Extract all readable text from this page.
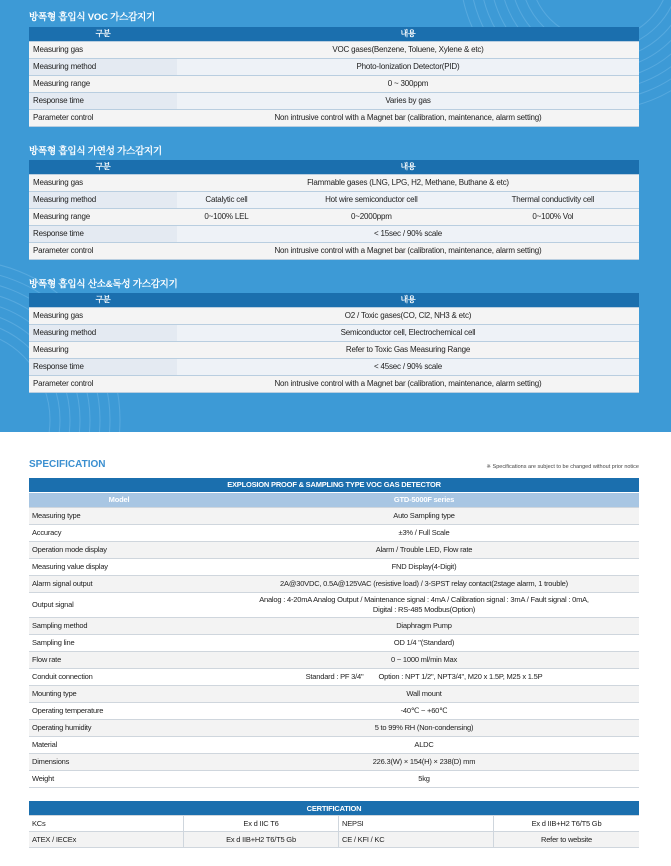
방폭형 흡입식 VOC 가스감지기
구분	내용
Measuring gas	VOC gases(Benzene, Toluene, Xylene & etc)
Measuring method	Photo-Ionization Detector(PID)
Measuring range	0 ~ 300ppm
Response time	Varies by gas
Parameter control	Non intrusive control with a Magnet bar (calibration, maintenance, alarm setting)
방폭형 흡입식 가연성 가스감지기
구분	내용		
Measuring gas	Flammable gases (LNG, LPG, H2, Methane, Buthane & etc)		
Measuring method	Catalytic cell	Hot wire semiconductor cell	Thermal conductivity cell
Measuring range	0~100% LEL	0~2000ppm	0~100% Vol
Response time	< 15sec / 90% scale		
Parameter control	Non intrusive control with a Magnet bar (calibration, maintenance, alarm setting)		
방폭형 흡입식 산소&독성 가스감지기
구분	내용
Measuring gas	O2 / Toxic gases(CO, Cl2, NH3 & etc)
Measuring method	Semiconductor cell, Electrochemical cell
Measuring	Refer to Toxic Gas Measuring Range
Response time	< 45sec / 90% scale
Parameter control	Non intrusive control with a Magnet bar (calibration, maintenance, alarm setting)
SPECIFICATION	※ Specifications are subject to be changed without prior notice
EXPLOSION PROOF & SAMPLING TYPE VOC GAS DETECTOR	
Model	GTD-5000F series
Measuring type	Auto Sampling type
Accuracy	±3% / Full Scale
Operation mode display	Alarm / Trouble LED, Flow rate
Measuring value display	FND Display(4-Digit)
Alarm signal output	2A@30VDC, 0.5A@125VAC (resistive load) / 3-SPST relay contact(2stage alarm, 1 trouble)
Output signal	Analog : 4-20mA Analog Output / Maintenance signal : 4mA / Calibration signal : 3mA / Fault signal : 0mA,
Digital : RS-485 Modbus(Option)

Sampling method	Diaphragm Pump
Sampling line	OD 1/4 "(Standard)
Flow rate	0 ~ 1000 ml/min Max
Conduit connection	Standard : PF 3/4"        Option : NPT 1/2", NPT3/4", M20 x 1.5P, M25 x 1.5P
Mounting type	Wall mount
Operating temperature	-40℃ ~ +60℃
Operating humidity	5 to 99% RH (Non-condensing)
Material	ALDC
Dimensions	226.3(W) × 154(H) × 238(D) mm
Weight	5kg
CERTIFICATION			
KCs	Ex d IIC T6	NEPSI	Ex d IIB+H2 T6/T5 Gb
ATEX / IECEx	Ex d IIB+H2 T6/T5 Gb	CE / KFI / KC	Refer to website
